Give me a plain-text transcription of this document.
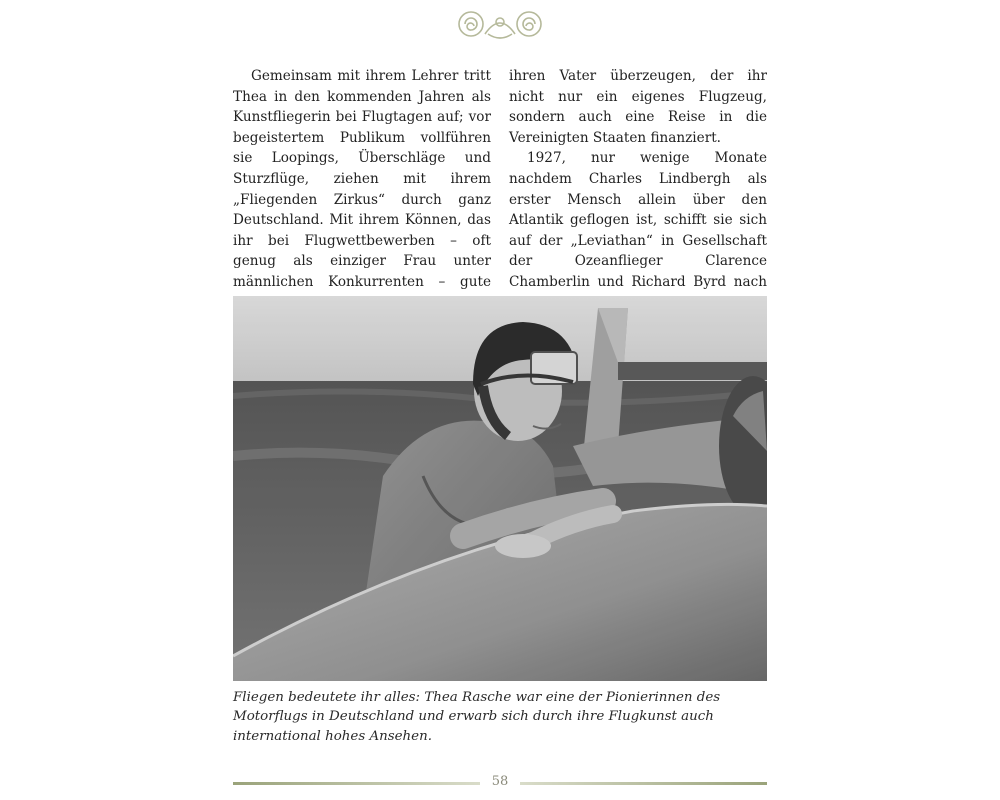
Gemeinsam mit ihrem Lehrer tritt Thea in den kommenden Jahren als Kunstfliegerin bei Flugtagen auf; vor begeistertem Publikum vollführen sie Loopings, Überschläge und Sturzflüge, ziehen mit ihrem „Fliegenden Zirkus“ durch ganz Deutschland. Mit ihrem Können, das ihr bei Flugwettbewerben – oft genug als einziger Frau unter männlichen Konkurrenten – gute

ihren Vater überzeugen, der ihr nicht nur ein eigenes Flugzeug, sondern auch eine Reise in die Vereinigten Staaten finanziert.

1927, nur wenige Monate nachdem Charles Lindbergh als erster Mensch allein über den Atlantik geflogen ist, schifft sie sich auf der „Leviathan“ in Gesellschaft der Ozeanflieger Clarence Chamberlin und Richard Byrd nach

Fliegen bedeutete ihr alles: Thea Rasche war eine der Pionierinnen des Motorflugs in Deutschland und erwarb sich durch ihre Flugkunst auch international hohes Ansehen.
58
